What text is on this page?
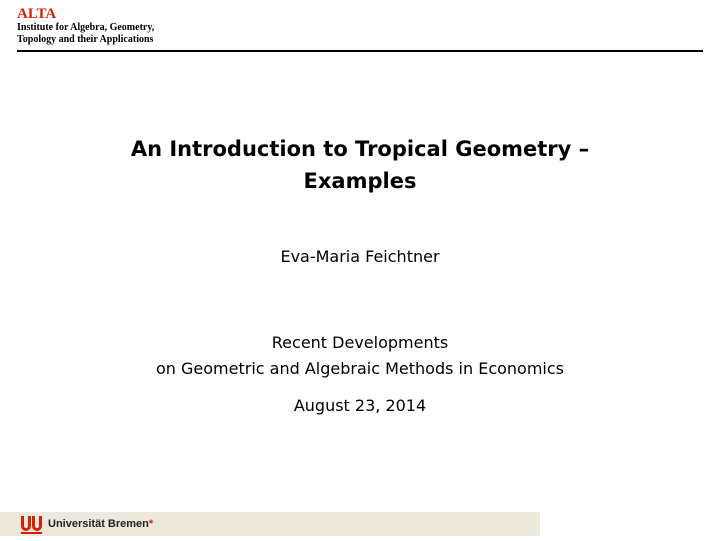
ALTA
Institute for Algebra, Geometry,
Topology and their Applications
An Introduction to Tropical Geometry –
Examples
Eva-Maria Feichtner
Recent Developments
on Geometric and Algebraic Methods in Economics
August 23, 2014
Universität Bremen*
